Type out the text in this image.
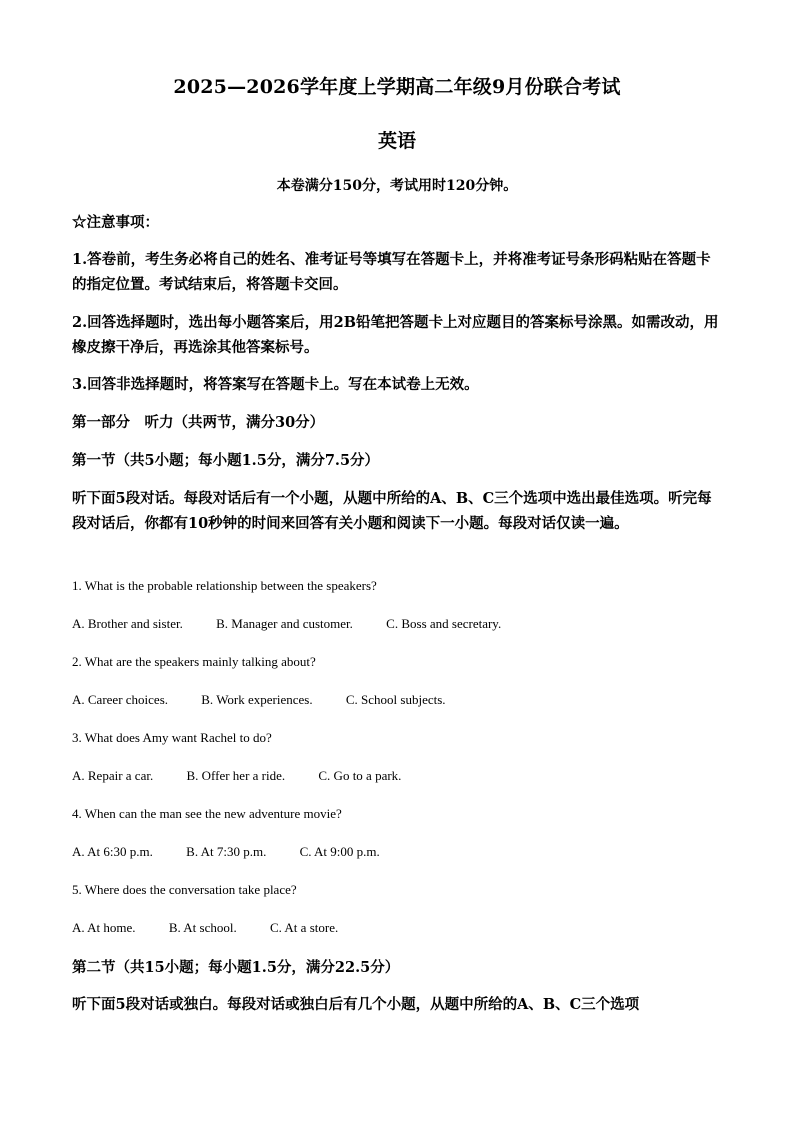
2025—2026学年度上学期高二年级9月份联合考试
英语
本卷满分150分，考试用时120分钟。
☆注意事项：
1.答卷前，考生务必将自己的姓名、准考证号等填写在答题卡上，并将准考证号条形码粘贴在答题卡的指定位置。考试结束后，将答题卡交回。
2.回答选择题时，选出每小题答案后，用2B铅笔把答题卡上对应题目的答案标号涂黑。如需改动，用橡皮擦干净后，再选涂其他答案标号。
3.回答非选择题时，将答案写在答题卡上。写在本试卷上无效。
第一部分　听力（共两节，满分30分）
第一节（共5小题；每小题1.5分，满分7.5分）
听下面5段对话。每段对话后有一个小题，从题中所给的A、B、C三个选项中选出最佳选项。听完每段对话后，你都有10秒钟的时间来回答有关小题和阅读下一小题。每段对话仅读一遍。
1. What is the probable relationship between the speakers?
A. Brother and sister.	B. Manager and customer.	C. Boss and secretary.
2. What are the speakers mainly talking about?
A. Career choices.	B. Work experiences.	C. School subjects.
3. What does Amy want Rachel to do?
A. Repair a car.	B. Offer her a ride.	C. Go to a park.
4. When can the man see the new adventure movie?
A. At 6:30 p.m.	B. At 7:30 p.m.	C. At 9:00 p.m.
5. Where does the conversation take place?
A. At home.	B. At school.	C. At a store.
第二节（共15小题；每小题1.5分，满分22.5分）
听下面5段对话或独白。每段对话或独白后有几个小题，从题中所给的A、B、C三个选项
